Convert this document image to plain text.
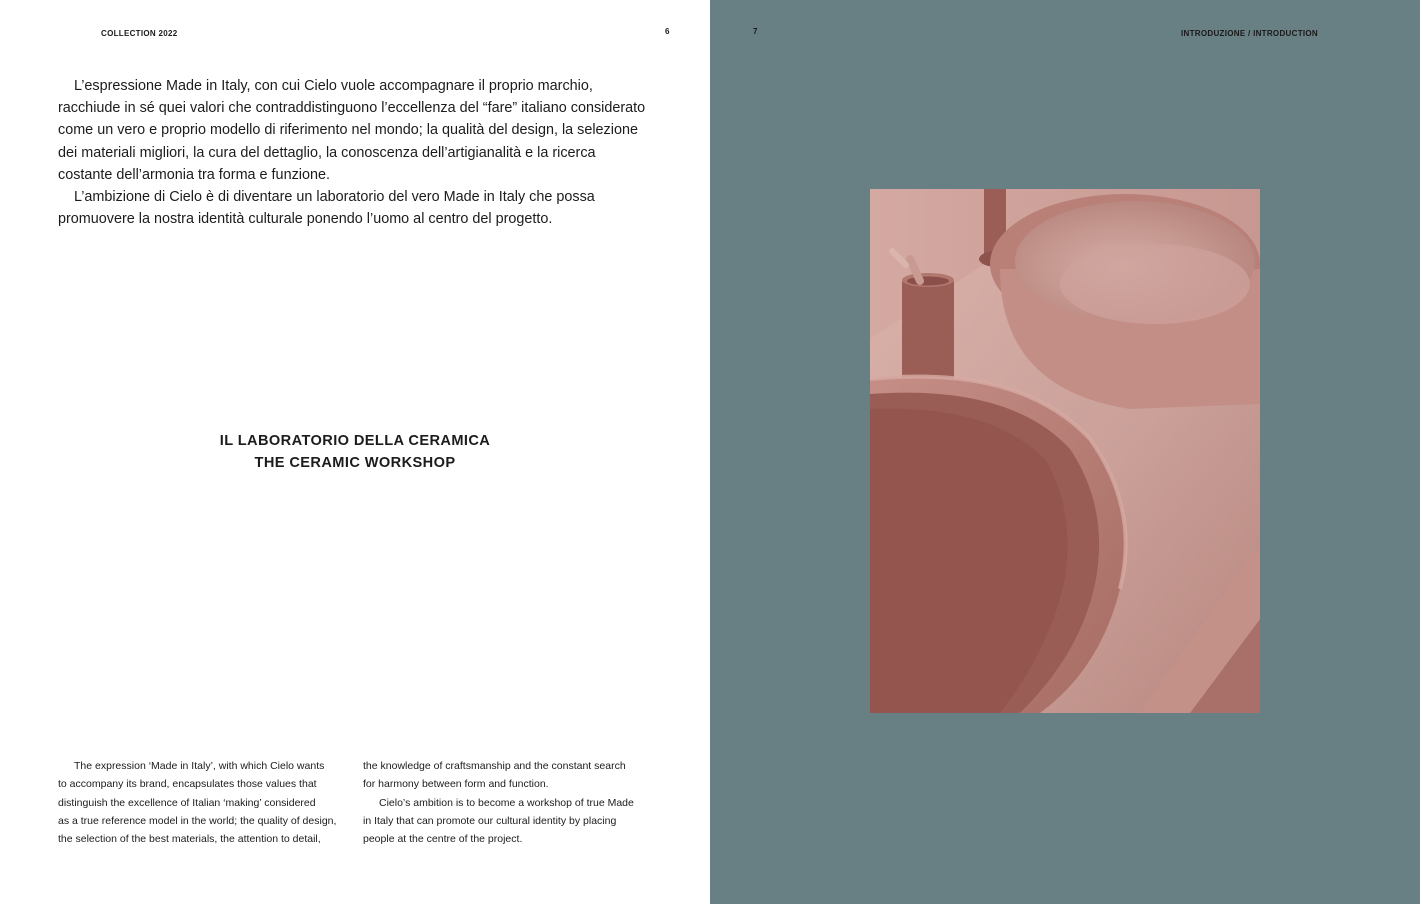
COLLECTION 2022	6

L’espressione Made in Italy, con cui Cielo vuole accompagnare il proprio marchio, racchiude in sé quei valori che contraddistinguono l’eccellenza del “fare” italiano considerato come un vero e proprio modello di riferimento nel mondo; la qualità del design, la selezione dei materiali migliori, la cura del dettaglio, la conoscenza dell’artigianalità e la ricerca costante dell’armonia tra forma e funzione.

L’ambizione di Cielo è di diventare un laboratorio del vero Made in Italy che possa promuovere la nostra identità culturale ponendo l’uomo al centro del progetto.

IL LABORATORIO DELLA CERAMICA
THE CERAMIC WORKSHOP

The expression ‘Made in Italy’, with which Cielo wants
to accompany its brand, encapsulates those values that
distinguish the excellence of Italian ‘making’ considered
as a true reference model in the world; the quality of design,
the selection of the best materials, the attention to detail,

the knowledge of craftsmanship and the constant search
for harmony between form and function.

Cielo’s ambition is to become a workshop of true Made
in Italy that can promote our cultural identity by placing
people at the centre of the project.

7	INTRODUZIONE / INTRODUCTION
